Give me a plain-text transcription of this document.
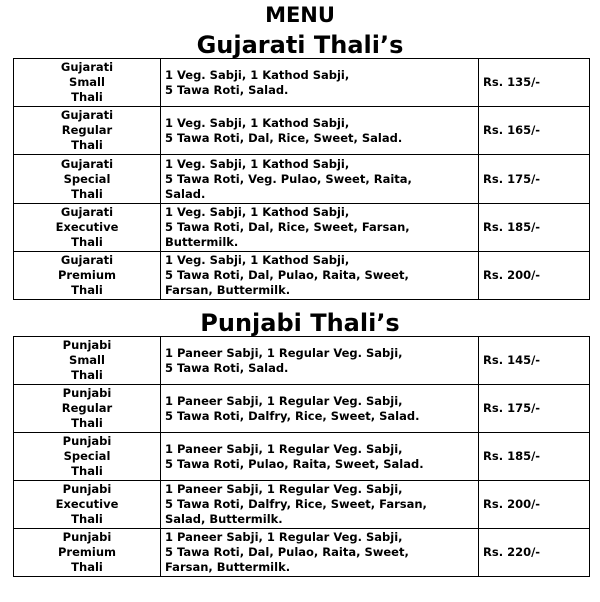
MENU
Gujarati Thali’s
Gujarati
Small
Thali	1 Veg. Sabji, 1 Kathod Sabji,
5 Tawa Roti, Salad.	Rs. 135/-

Gujarati
Regular
Thali	1 Veg. Sabji, 1 Kathod Sabji,
5 Tawa Roti, Dal, Rice, Sweet, Salad.	Rs. 165/-

Gujarati
Special
Thali	1 Veg. Sabji, 1 Kathod Sabji,
5 Tawa Roti, Veg. Pulao, Sweet, Raita,
Salad.	Rs. 175/-

Gujarati
Executive
Thali	1 Veg. Sabji, 1 Kathod Sabji,
5 Tawa Roti, Dal, Rice, Sweet, Farsan,
Buttermilk.	Rs. 185/-

Gujarati
Premium
Thali	1 Veg. Sabji, 1 Kathod Sabji,
5 Tawa Roti, Dal, Pulao, Raita, Sweet,
Farsan, Buttermilk.	Rs. 200/-
Punjabi Thali’s
Punjabi
Small
Thali	1 Paneer Sabji, 1 Regular Veg. Sabji,
5 Tawa Roti, Salad.	Rs. 145/-

Punjabi
Regular
Thali	1 Paneer Sabji, 1 Regular Veg. Sabji,
5 Tawa Roti, Dalfry, Rice, Sweet, Salad.	Rs. 175/-

Punjabi
Special
Thali	1 Paneer Sabji, 1 Regular Veg. Sabji,
5 Tawa Roti, Pulao, Raita, Sweet, Salad.	Rs. 185/-

Punjabi
Executive
Thali	1 Paneer Sabji, 1 Regular Veg. Sabji,
5 Tawa Roti, Dalfry, Rice, Sweet, Farsan,
Salad, Buttermilk.	Rs. 200/-

Punjabi
Premium
Thali	1 Paneer Sabji, 1 Regular Veg. Sabji,
5 Tawa Roti, Dal, Pulao, Raita, Sweet,
Farsan, Buttermilk.	Rs. 220/-
